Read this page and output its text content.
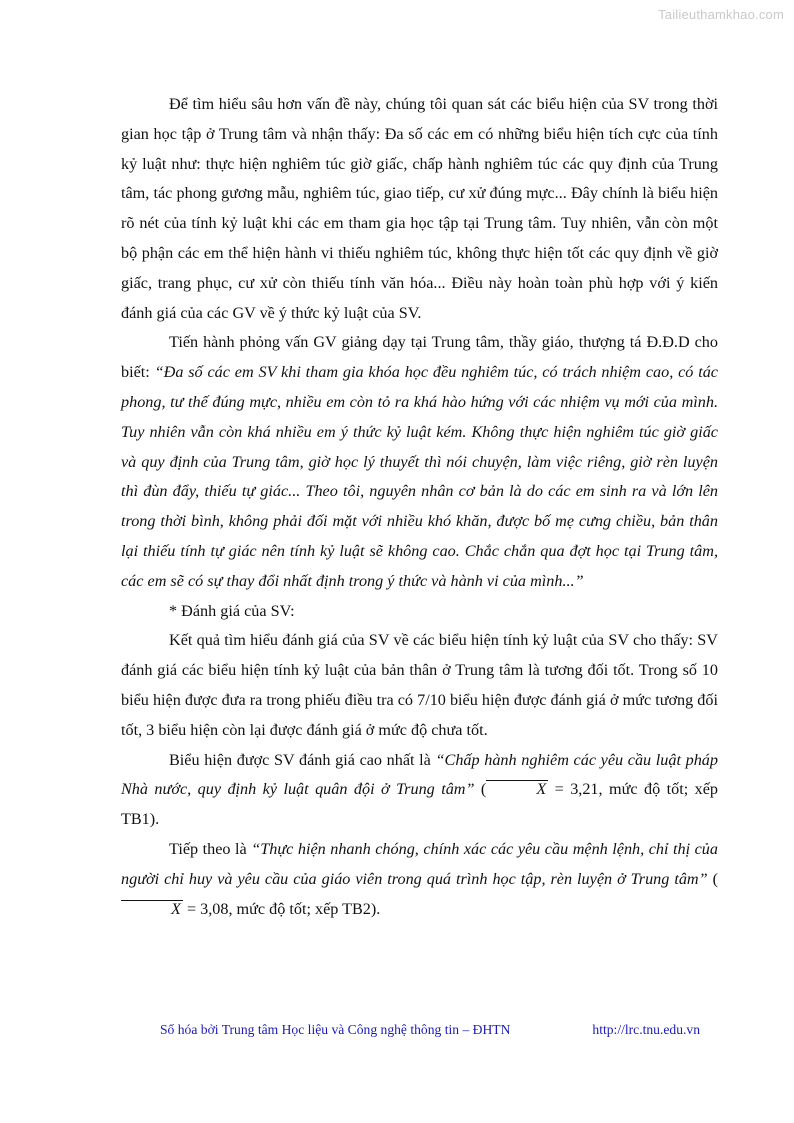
Tailieuthamkhao.com

Để tìm hiểu sâu hơn vấn đề này, chúng tôi quan sát các biểu hiện của SV trong thời gian học tập ở Trung tâm và nhận thấy: Đa số các em có những biểu hiện tích cực của tính kỷ luật như: thực hiện nghiêm túc giờ giấc, chấp hành nghiêm túc các quy định của Trung tâm, tác phong gương mẫu, nghiêm túc, giao tiếp, cư xử đúng mực... Đây chính là biểu hiện rõ nét của tính kỷ luật khi các em tham gia học tập tại Trung tâm. Tuy nhiên, vẫn còn một bộ phận các em thể hiện hành vi thiếu nghiêm túc, không thực hiện tốt các quy định về giờ giấc, trang phục, cư xử còn thiếu tính văn hóa... Điều này hoàn toàn phù hợp với ý kiến đánh giá của các GV về ý thức kỷ luật của SV.

Tiến hành phỏng vấn GV giảng dạy tại Trung tâm, thầy giáo, thượng tá Đ.Đ.D cho biết: “Đa số các em SV khi tham gia khóa học đều nghiêm túc, có trách nhiệm cao, có tác phong, tư thế đúng mực, nhiều em còn tỏ ra khá hào hứng với các nhiệm vụ mới của mình. Tuy nhiên vẫn còn khá nhiều em ý thức kỷ luật kém. Không thực hiện nghiêm túc giờ giấc và quy định của Trung tâm, giờ học lý thuyết thì nói chuyện, làm việc riêng, giờ rèn luyện thì đùn đẩy, thiếu tự giác... Theo tôi, nguyên nhân cơ bản là do các em sinh ra và lớn lên trong thời bình, không phải đối mặt với nhiều khó khăn, được bố mẹ cưng chiều, bản thân lại thiếu tính tự giác nên tính kỷ luật sẽ không cao. Chắc chắn qua đợt học tại Trung tâm, các em sẽ có sự thay đổi nhất định trong ý thức và hành vi của mình...”

* Đánh giá của SV:

Kết quả tìm hiểu đánh giá của SV về các biểu hiện tính kỷ luật của SV cho thấy: SV đánh giá các biểu hiện tính kỷ luật của bản thân ở Trung tâm là tương đối tốt. Trong số 10 biểu hiện được đưa ra trong phiếu điều tra có 7/10 biểu hiện được đánh giá ở mức tương đối tốt, 3 biểu hiện còn lại được đánh giá ở mức độ chưa tốt.

Biểu hiện được SV đánh giá cao nhất là “Chấp hành nghiêm các yêu cầu luật pháp Nhà nước, quy định kỷ luật quân đội ở Trung tâm” (	X = 3,21, mức độ tốt; xếp TB1).

Tiếp theo là “Thực hiện nhanh chóng, chính xác các yêu cầu mệnh lệnh, chỉ thị của người chỉ huy và yêu cầu của giáo viên trong quá trình học tập, rèn luyện ở Trung tâm” (X = 3,08, mức độ tốt; xếp TB2).

Số hóa bởi Trung tâm Học liệu và Công nghệ thông tin – ĐHTN	http://lrc.tnu.edu.vn
